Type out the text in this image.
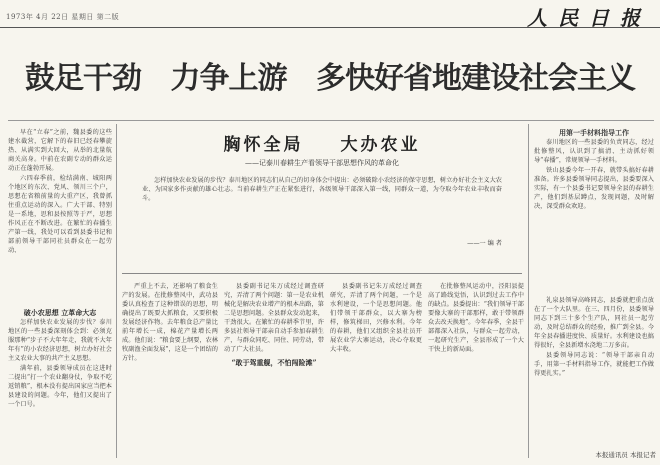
1973年 4月 22日 星期日 第二版	人 民 日 报
鼓足干劲 力争上游 多快好省地建设社会主义

早在“立春”之前，魏县委的这些建水截营，它解下的春旧已经春攀旋热、从满实到大回大，从举的北量航商关高身。中前在农副专动的群众运动正在蓬勃开展。

六四春季前，检结满南、城阳两个地区的东次、党风、领川三个户，思想在省粮前量的大重产区，我曾抓住重点运动的深入。广大干部、特别是一系地，思和县按照等于严，思想作风正在不断改进。在繁忙的春播生产第一线，我处可以看到县委书记和部前领导干部同社员群众在一起劳动、

破小农思想 立革命大志

怎样加快农业发展的步伐？泰川地区的一些县委深刻体会到：必须克服那种“步子不大年年走，我就不大年年有”的小农经济思想，树立办好社会主义农业大事的共产主义思想。

满年前，县委领导成员在这进时二提出“打一个农业翻身仗，争取不吃返销粮”，根本没有提出国家应当把本县建设的问题。今年，他们又提出了一个口号。

胸怀全局 大办农业
——记泰川春耕生产看领导干部思想作风的革命化
怎样加快农业发展的步伐？泰川地区的同志们从自己的切身体会中提出：必须破除小农经济的保守思想，树立办好社会主义大农业、为国家多作贡献的雄心壮志。当前春耕生产正在紧张进行，各级领导干部深入第一线，同群众一道，为夺取今年农业丰收而奋斗。
——一 编 者

严重上不去，还影响了粮食生产的发展。在批修整风中，武功县委认真检查了这种错误的思想，明确提出了既要大抓粮食，又要积极发展经济作物。去年粮食总产量比前年增长一成，棉花产量增长两成。他们说：“粮食要上纲要，农林牧副渔全面发展”，这是一个团结的方针。

县委副书记朱万成经过调查研究，弄清了两个问题：第一是农业机械化是解决农业增产的根本出路，第二是思想问题。全县群众发动起来，干劲很大。在繁忙的春耕季节里，许多县社领导干部亲自动手参加春耕生产，与群众同吃、同住、同劳动，带动了广大社员。

“敢于驾重舰，不怕闯险滩”

县委副书记朱万成经过调查研究，弄清了两个问题，一个是水利建设，一个是思想问题。他们带领干部群众，以大寨为榜样，修筑梯田，兴修水利。今年的春耕，他们又组织全县社员开展农业学大寨运动，决心夺取更大丰收。

在批修整风运动中，泾阳县提高了路线觉悟，认识到过去工作中的缺点。县委提出：“我们领导干部要像大寨的干部那样，敢于带领群众去改天换地”。今年春季，全县干部都深入社队，与群众一起劳动，一起研究生产，全县形成了一个大干快上的新局面。

用第一手材料指导工作

泰川地区的一些县委的负责同志，经过批修整风，认识到了搞清、主动抓好领导“春播”，常规领导一手材料。

铁山县委今年一开春，就带头搞好春耕准备。许多县委领导同志提出，县委要深入实际，有一个县委书记要领导全县的春耕生产，他们到基层蹲点，发现问题，及时解决，深受群众欢迎。

礼泉县领导高峰同志，县委就把重点放在了一个大队里。在三、四月份，县委领导同志下到三十多个生产队，同社员一起劳动，及时总结群众的经验，推广到全县。今年全县春播进度快、质量好。水利建设也搞得很好，全县新增水浇地二万多亩。

县委领导同志说：“领导干部亲自动手，用第一手材料指导工作，就能把工作做得更扎实。”

本报通讯员 本报记者
